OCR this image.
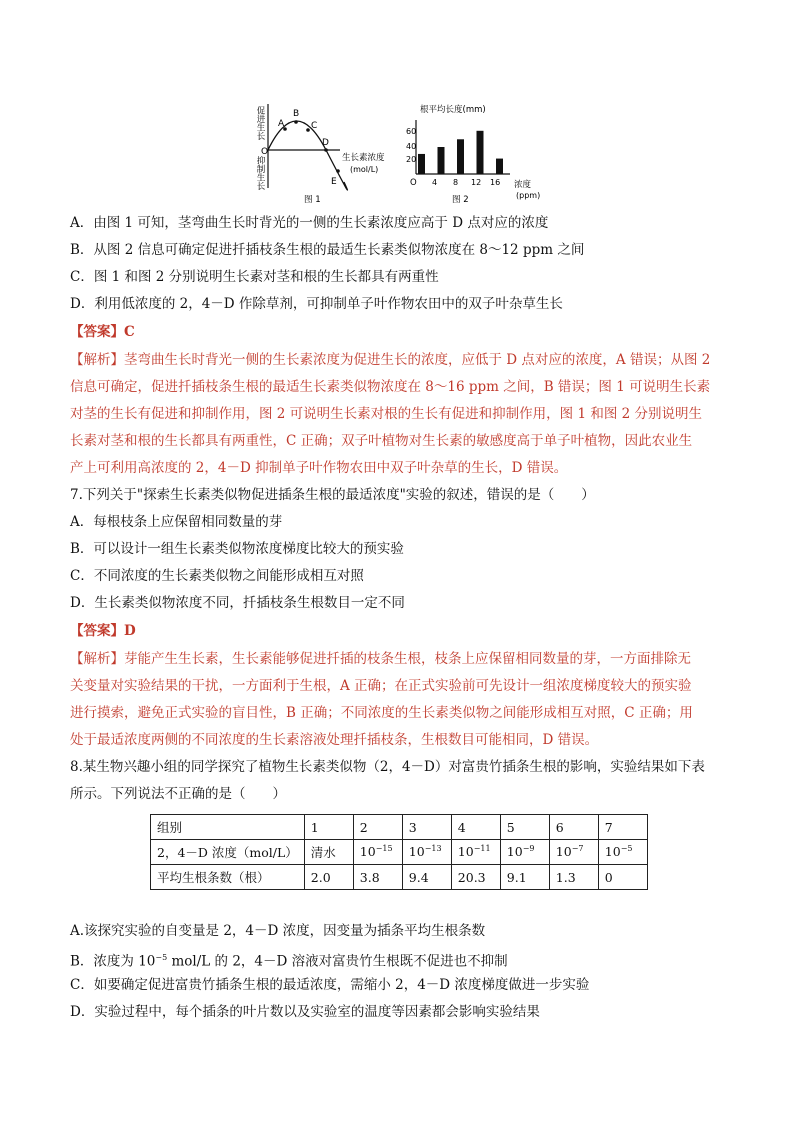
A
B
C
D
E
O
促进生长
抑制生长	生长素浓度
(mol/L)
图 1
根平均长度(mm)
60
40
20
O 4 8 12 16 浓度
(ppm)
图 2
A．由图 1 可知，茎弯曲生长时背光的一侧的生长素浓度应高于 D 点对应的浓度
B．从图 2 信息可确定促进扦插枝条生根的最适生长素类似物浓度在 8～12 ppm 之间
C．图 1 和图 2 分别说明生长素对茎和根的生长都具有两重性
D．利用低浓度的 2，4－D 作除草剂，可抑制单子叶作物农田中的双子叶杂草生长
【答案】C
【解析】茎弯曲生长时背光一侧的生长素浓度为促进生长的浓度，应低于 D 点对应的浓度，A 错误；从图 2
信息可确定，促进扦插枝条生根的最适生长素类似物浓度在 8～16 ppm 之间，B 错误；图 1 可说明生长素
对茎的生长有促进和抑制作用，图 2 可说明生长素对根的生长有促进和抑制作用，图 1 和图 2 分别说明生
长素对茎和根的生长都具有两重性，C 正确；双子叶植物对生长素的敏感度高于单子叶植物，因此农业生
产上可利用高浓度的 2，4－D 抑制单子叶作物农田中双子叶杂草的生长，D 错误。
7.下列关于"探索生长素类似物促进插条生根的最适浓度"实验的叙述，错误的是（　　）
A．每根枝条上应保留相同数量的芽
B．可以设计一组生长素类似物浓度梯度比较大的预实验
C．不同浓度的生长素类似物之间能形成相互对照
D．生长素类似物浓度不同，扦插枝条生根数目一定不同
【答案】D
【解析】芽能产生生长素，生长素能够促进扦插的枝条生根，枝条上应保留相同数量的芽，一方面排除无
关变量对实验结果的干扰，一方面利于生根，A 正确；在正式实验前可先设计一组浓度梯度较大的预实验
进行摸索，避免正式实验的盲目性，B 正确；不同浓度的生长素类似物之间能形成相互对照，C 正确；用
处于最适浓度两侧的不同浓度的生长素溶液处理扦插枝条，生根数目可能相同，D 错误。
8.某生物兴趣小组的同学探究了植物生长素类似物（2，4－D）对富贵竹插条生根的影响，实验结果如下表
所示。下列说法不正确的是（　　）
组别	1	2	3	4	5	6	7
2，4－D 浓度（mol/L）	清水	$10^{-15}$	$10^{-13}$	$10^{-11}$	$10^{-9}$	$10^{-7}$	$10^{-5}$
平均生根条数（根）	2.0	3.8	9.4	20.3	9.1	1.3	0
A.该探究实验的自变量是 2，4－D 浓度，因变量为插条平均生根条数
B．浓度为 $10^{-5}$ mol/L 的 2，4－D 溶液对富贵竹生根既不促进也不抑制
C．如要确定促进富贵竹插条生根的最适浓度，需缩小 2，4－D 浓度梯度做进一步实验
D．实验过程中，每个插条的叶片数以及实验室的温度等因素都会影响实验结果
